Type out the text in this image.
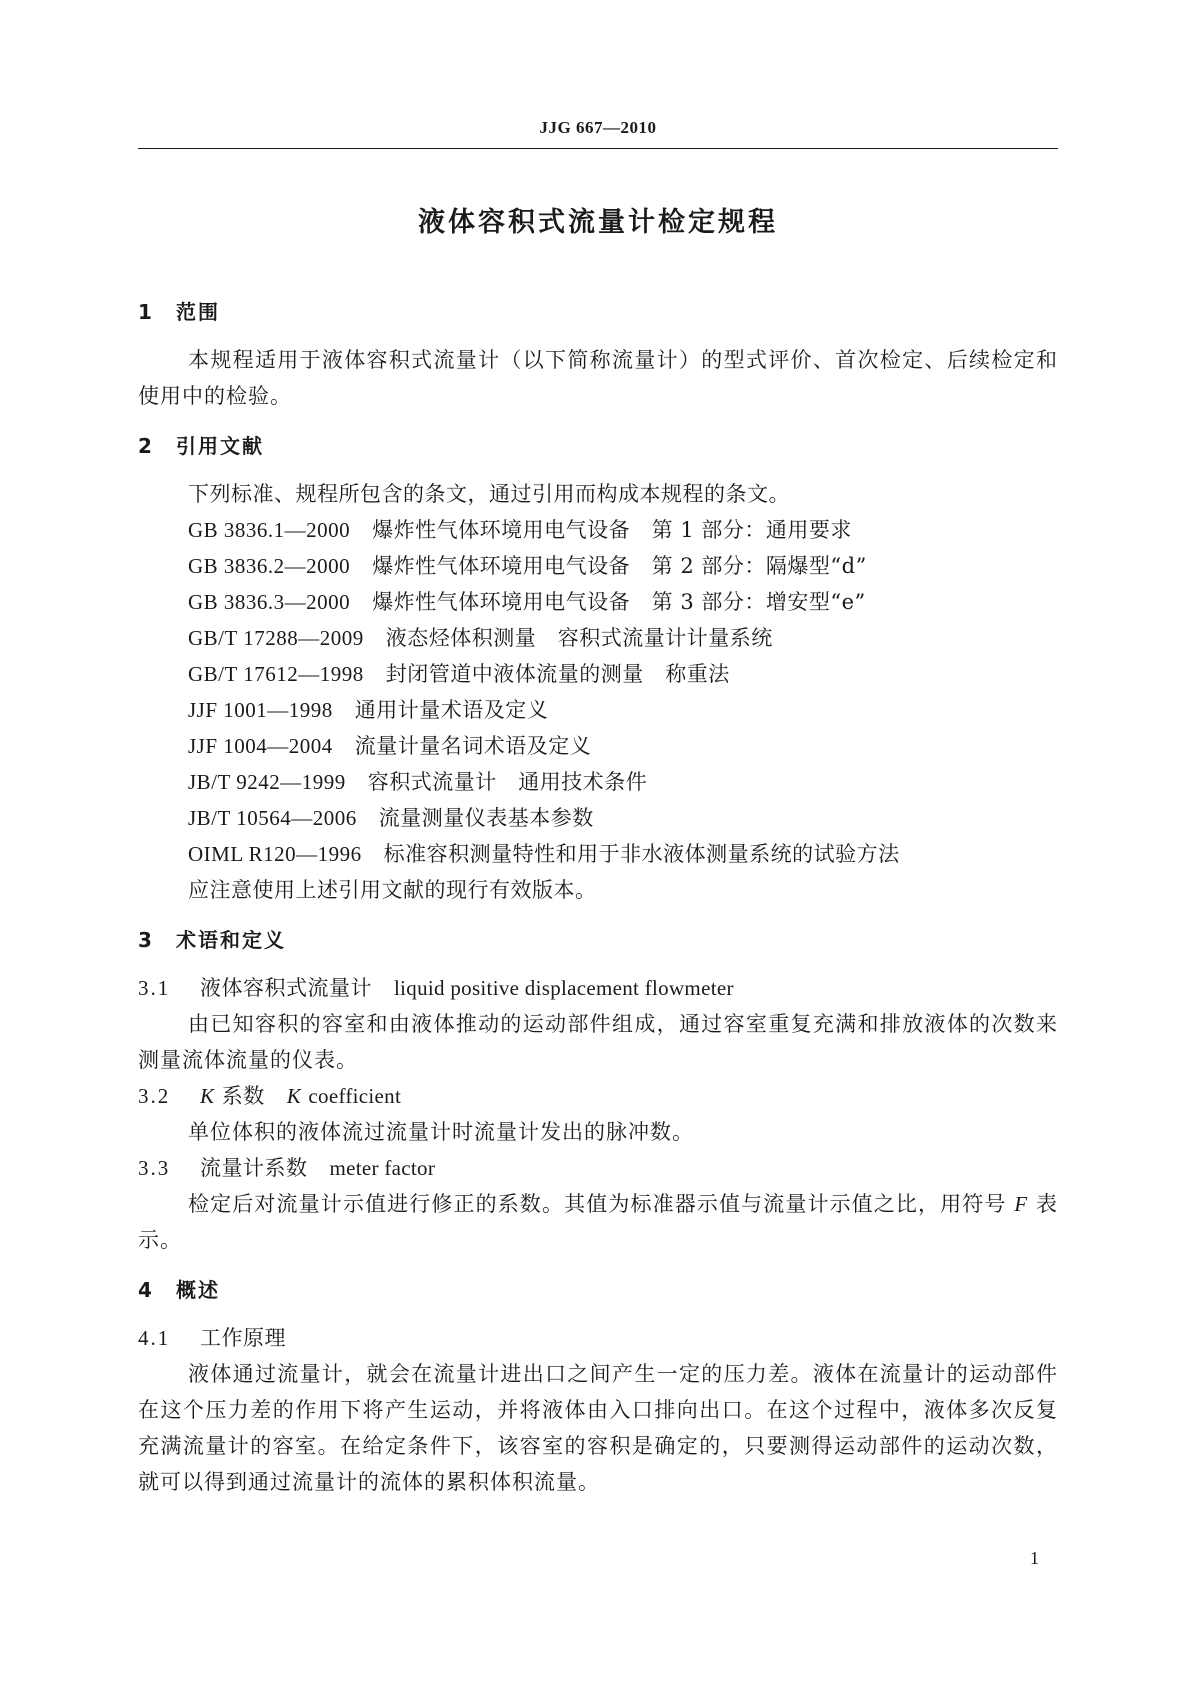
JJG 667—2010
液体容积式流量计检定规程
1 范围
本规程适用于液体容积式流量计（以下简称流量计）的型式评价、首次检定、后续检定和使用中的检验。
2 引用文献
下列标准、规程所包含的条文，通过引用而构成本规程的条文。
GB 3836.1—2000 爆炸性气体环境用电气设备　第 1 部分：通用要求
GB 3836.2—2000 爆炸性气体环境用电气设备　第 2 部分：隔爆型“d”
GB 3836.3—2000 爆炸性气体环境用电气设备　第 3 部分：增安型“e”
GB/T 17288—2009 液态烃体积测量　容积式流量计计量系统
GB/T 17612—1998 封闭管道中液体流量的测量　称重法
JJF 1001—1998 通用计量术语及定义
JJF 1004—2004 流量计量名词术语及定义
JB/T 9242—1999 容积式流量计　通用技术条件
JB/T 10564—2006 流量测量仪表基本参数
OIML R120—1996 标准容积测量特性和用于非水液体测量系统的试验方法
应注意使用上述引用文献的现行有效版本。
3 术语和定义
3.1 液体容积式流量计 liquid positive displacement flowmeter
由已知容积的容室和由液体推动的运动部件组成，通过容室重复充满和排放液体的次数来测量流体流量的仪表。
3.2 K 系数 K coefficient
单位体积的液体流过流量计时流量计发出的脉冲数。
3.3 流量计系数 meter factor
检定后对流量计示值进行修正的系数。其值为标准器示值与流量计示值之比，用符号 F 表示。
4 概述
4.1 工作原理
液体通过流量计，就会在流量计进出口之间产生一定的压力差。液体在流量计的运动部件在这个压力差的作用下将产生运动，并将液体由入口排向出口。在这个过程中，液体多次反复充满流量计的容室。在给定条件下，该容室的容积是确定的，只要测得运动部件的运动次数，就可以得到通过流量计的流体的累积体积流量。
1
